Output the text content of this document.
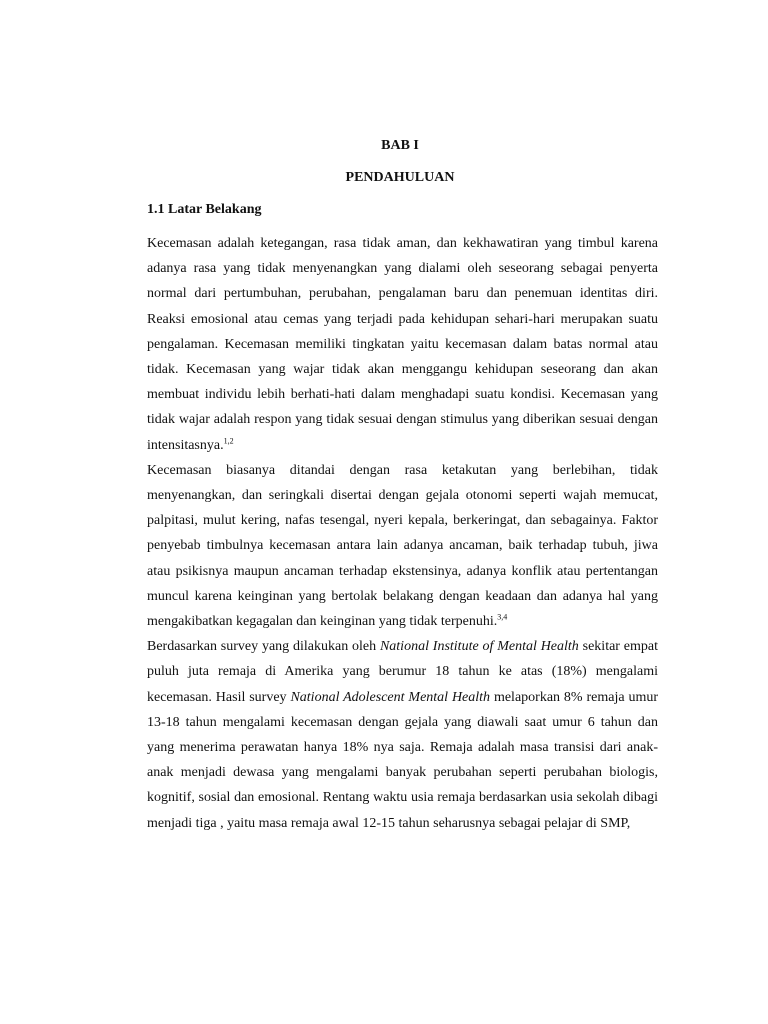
BAB I
PENDAHULUAN
1.1 Latar Belakang

Kecemasan adalah ketegangan, rasa tidak aman, dan kekhawatiran yang timbul karena adanya rasa yang tidak menyenangkan yang dialami oleh seseorang sebagai penyerta normal dari pertumbuhan, perubahan, pengalaman baru dan penemuan identitas diri. Reaksi emosional atau cemas yang terjadi pada kehidupan sehari-hari merupakan suatu pengalaman. Kecemasan memiliki tingkatan yaitu kecemasan dalam batas normal atau tidak. Kecemasan yang wajar tidak akan menggangu kehidupan seseorang dan akan membuat individu lebih berhati-hati dalam menghadapi suatu kondisi. Kecemasan yang tidak wajar adalah respon yang tidak sesuai dengan stimulus yang diberikan sesuai dengan intensitasnya.$^{1,2}$

Kecemasan biasanya ditandai dengan rasa ketakutan yang berlebihan, tidak menyenangkan, dan seringkali disertai dengan gejala otonomi seperti wajah memucat, palpitasi, mulut kering, nafas tesengal, nyeri kepala, berkeringat, dan sebagainya. Faktor penyebab timbulnya kecemasan antara lain adanya ancaman, baik terhadap tubuh, jiwa atau psikisnya maupun ancaman terhadap ekstensinya, adanya konflik atau pertentangan muncul karena keinginan yang bertolak belakang dengan keadaan dan adanya hal yang mengakibatkan kegagalan dan keinginan yang tidak terpenuhi.$^{3,4}$

Berdasarkan survey yang dilakukan oleh National Institute of Mental Health sekitar empat puluh juta remaja di Amerika yang berumur 18 tahun ke atas (18%) mengalami kecemasan. Hasil survey National Adolescent Mental Health melaporkan 8% remaja umur 13-18 tahun mengalami kecemasan dengan gejala yang diawali saat umur 6 tahun dan yang menerima perawatan hanya 18% nya saja. Remaja adalah masa transisi dari anak-anak menjadi dewasa yang mengalami banyak perubahan seperti perubahan biologis, kognitif, sosial dan emosional. Rentang waktu usia remaja berdasarkan usia sekolah dibagi menjadi tiga , yaitu masa remaja awal 12-15 tahun seharusnya sebagai pelajar di SMP,
